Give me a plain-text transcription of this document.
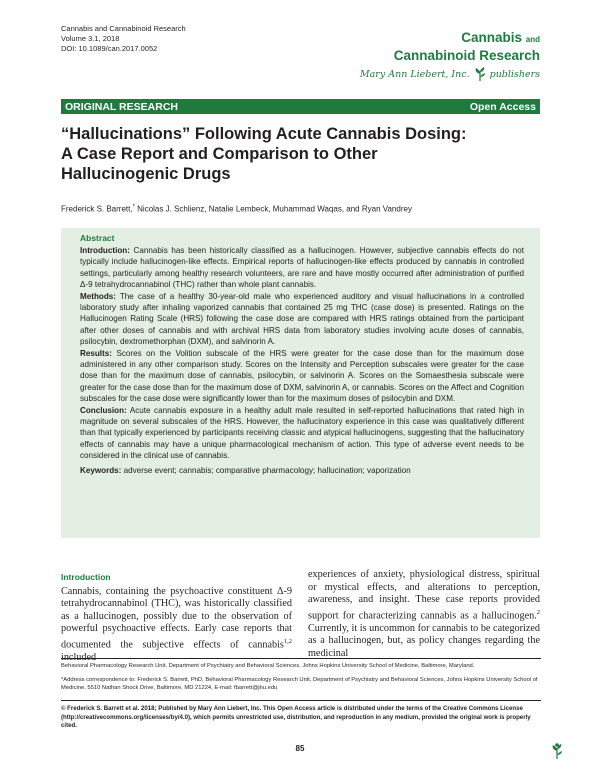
Cannabis and Cannabinoid Research
Volume 3.1, 2018
DOI: 10.1089/can.2017.0052
Cannabis and
Cannabinoid Research
Mary Ann Liebert, Inc. publishers
ORIGINAL RESEARCH	Open Access
“Hallucinations” Following Acute Cannabis Dosing:
A Case Report and Comparison to Other
Hallucinogenic Drugs
Frederick S. Barrett,* Nicolas J. Schlienz, Natalie Lembeck, Muhammad Waqas, and Ryan Vandrey
Abstract

Introduction: Cannabis has been historically classified as a hallucinogen. However, subjective cannabis effects do not typically include hallucinogen-like effects. Empirical reports of hallucinogen-like effects produced by cannabis in controlled settings, particularly among healthy research volunteers, are rare and have mostly occurred after administration of purified Δ-9 tetrahydrocannabinol (THC) rather than whole plant cannabis.

Methods: The case of a healthy 30-year-old male who experienced auditory and visual hallucinations in a controlled laboratory study after inhaling vaporized cannabis that contained 25 mg THC (case dose) is presented. Ratings on the Hallucinogen Rating Scale (HRS) following the case dose are compared with HRS ratings obtained from the participant after other doses of cannabis and with archival HRS data from laboratory studies involving acute doses of cannabis, psilocybin, dextromethorphan (DXM), and salvinorin A.

Results: Scores on the Volition subscale of the HRS were greater for the case dose than for the maximum dose administered in any other comparison study. Scores on the Intensity and Perception subscales were greater for the case dose than for the maximum dose of cannabis, psilocybin, or salvinorin A. Scores on the Somaesthesia subscale were greater for the case dose than for the maximum dose of DXM, salvinorin A, or cannabis. Scores on the Affect and Cognition subscales for the case dose were significantly lower than for the maximum doses of psilocybin and DXM.

Conclusion: Acute cannabis exposure in a healthy adult male resulted in self-reported hallucinations that rated high in magnitude on several subscales of the HRS. However, the hallucinatory experience in this case was qualitatively different than that typically experienced by participants receiving classic and atypical hallucinogens, suggesting that the hallucinatory effects of cannabis may have a unique pharmacological mechanism of action. This type of adverse event needs to be considered in the clinical use of cannabis.

Keywords: adverse event; cannabis; comparative pharmacology; hallucination; vaporization

Introduction
Cannabis, containing the psychoactive constituent Δ-9 tetrahydrocannabinol (THC), was historically classified as a hallucinogen, possibly due to the observation of powerful psychoactive effects. Early case reports that documented the subjective effects of cannabis$^{1,2}$ included
experiences of anxiety, physiological distress, spiritual or mystical effects, and alterations to perception, awareness, and insight. These case reports provided support for characterizing cannabis as a hallucinogen.$^2$ Currently, it is uncommon for cannabis to be categorized as a hallucinogen, but, as policy changes regarding the medicinal
Behavioral Pharmacology Research Unit, Department of Psychiatry and Behavioral Sciences, Johns Hopkins University School of Medicine, Baltimore, Maryland.
*Address correspondence to: Frederick S. Barrett, PhD, Behavioral Pharmacology Research Unit, Department of Psychiatry and Behavioral Sciences, Johns Hopkins University School of Medicine, 5510 Nathan Shock Drive, Baltimore, MD 21224, E-mail: fbarrett@jhu.edu
© Frederick S. Barrett et al. 2018; Published by Mary Ann Liebert, Inc. This Open Access article is distributed under the terms of the Creative Commons License (http://creativecommons.org/licenses/by/4.0), which permits unrestricted use, distribution, and reproduction in any medium, provided the original work is properly cited.
85
